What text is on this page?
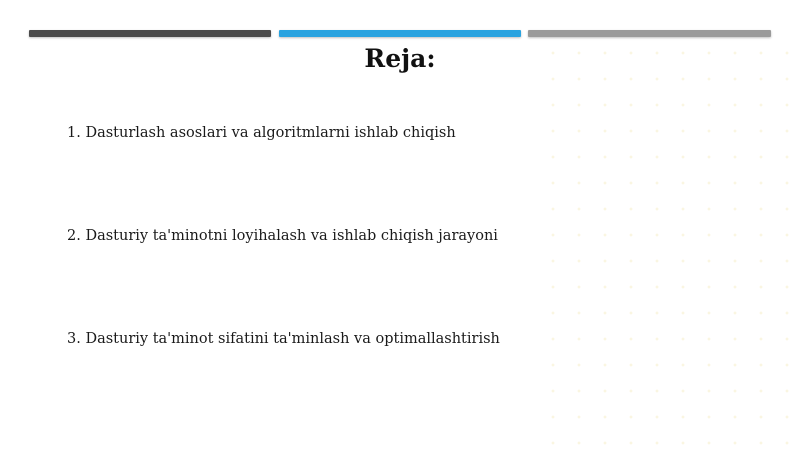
Reja:
1. Dasturlash asoslari va algoritmlarni ishlab chiqish
2. Dasturiy ta'minotni loyihalash va ishlab chiqish jarayoni
3. Dasturiy ta'minot sifatini ta'minlash va optimallashtirish
